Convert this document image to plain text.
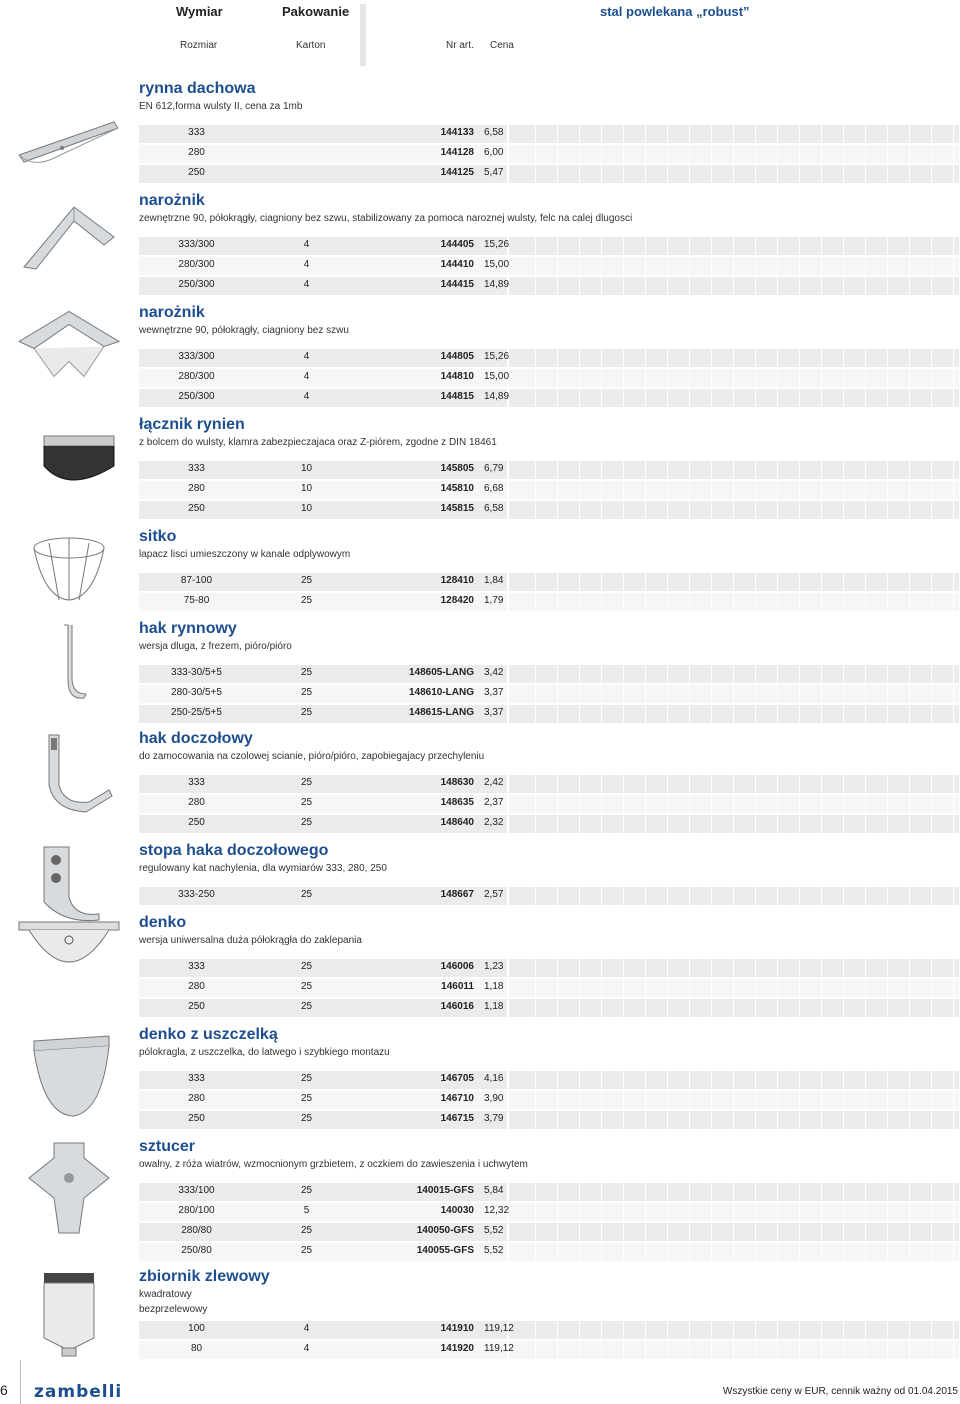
Wymiar	Pakowanie	stal powlekana „robust”
Rozmiar	Karton	Nr art. Cena
rynna dachowa
EN 612,forma wulsty II, cena za 1mb
333	144133 6,58
280	144128 6,00
250	144125 5,47
narożnik
zewnętrzne 90, półokrągły, ciagniony bez szwu, stabilizowany za pomoca naroznej wulsty, felc na calej dlugosci
333/300	4	144405 15,26
280/300	4	144410 15,00
250/300	4	144415 14,89
narożnik
wewnętrzne 90, półokrągły, ciagniony bez szwu
333/300	4	144805 15,26
280/300	4	144810 15,00
250/300	4	144815 14,89
łącznik rynien
z bolcem do wulsty, klamra zabezpieczajaca oraz Z-piórem, zgodne z DIN 18461
333	10	145805 6,79
280	10	145810 6,68
250	10	145815 6,58
sitko
lapacz lisci umieszczony w kanale odplywowym
87-100	25	128410 1,84
75-80	25	128420 1,79
hak rynnowy
wersja dluga, z frezem, pióro/pióro
333-30/5+5	25	148605-LANG 3,42
280-30/5+5	25	148610-LANG 3,37
250-25/5+5	25	148615-LANG 3,37
hak doczołowy
do zamocowania na czolowej scianie, pióro/pióro, zapobiegajacy przechyleniu
333	25	148630 2,42
280	25	148635 2,37
250	25	148640 2,32
stopa haka doczołowego
regulowany kat nachylenia, dla wymiarów 333, 280, 250
333-250	25	148667 2,57
denko
wersja uniwersalna duża półokrągła do zaklepania
333	25	146006 1,23
280	25	146011 1,18
250	25	146016 1,18
denko z uszczelką
pólokragla, z uszczelka, do latwego i szybkiego montazu
333	25	146705 4,16
280	25	146710 3,90
250	25	146715 3,79
sztucer
owalny, z róża wiatrów, wzmocnionym grzbietem, z oczkiem do zawieszenia i uchwytem
333/100	25	140015-GFS 5,84
280/100	5	140030 12,32
280/80	25	140050-GFS 5,52
250/80	25	140055-GFS 5,52
zbiornik zlewowy
kwadratowy
bezprzelewowy
100	4	141910 119,12
80	4	141920 119,12
6 zambelli	Wszystkie ceny w EUR, cennik ważny od 01.04.2015
